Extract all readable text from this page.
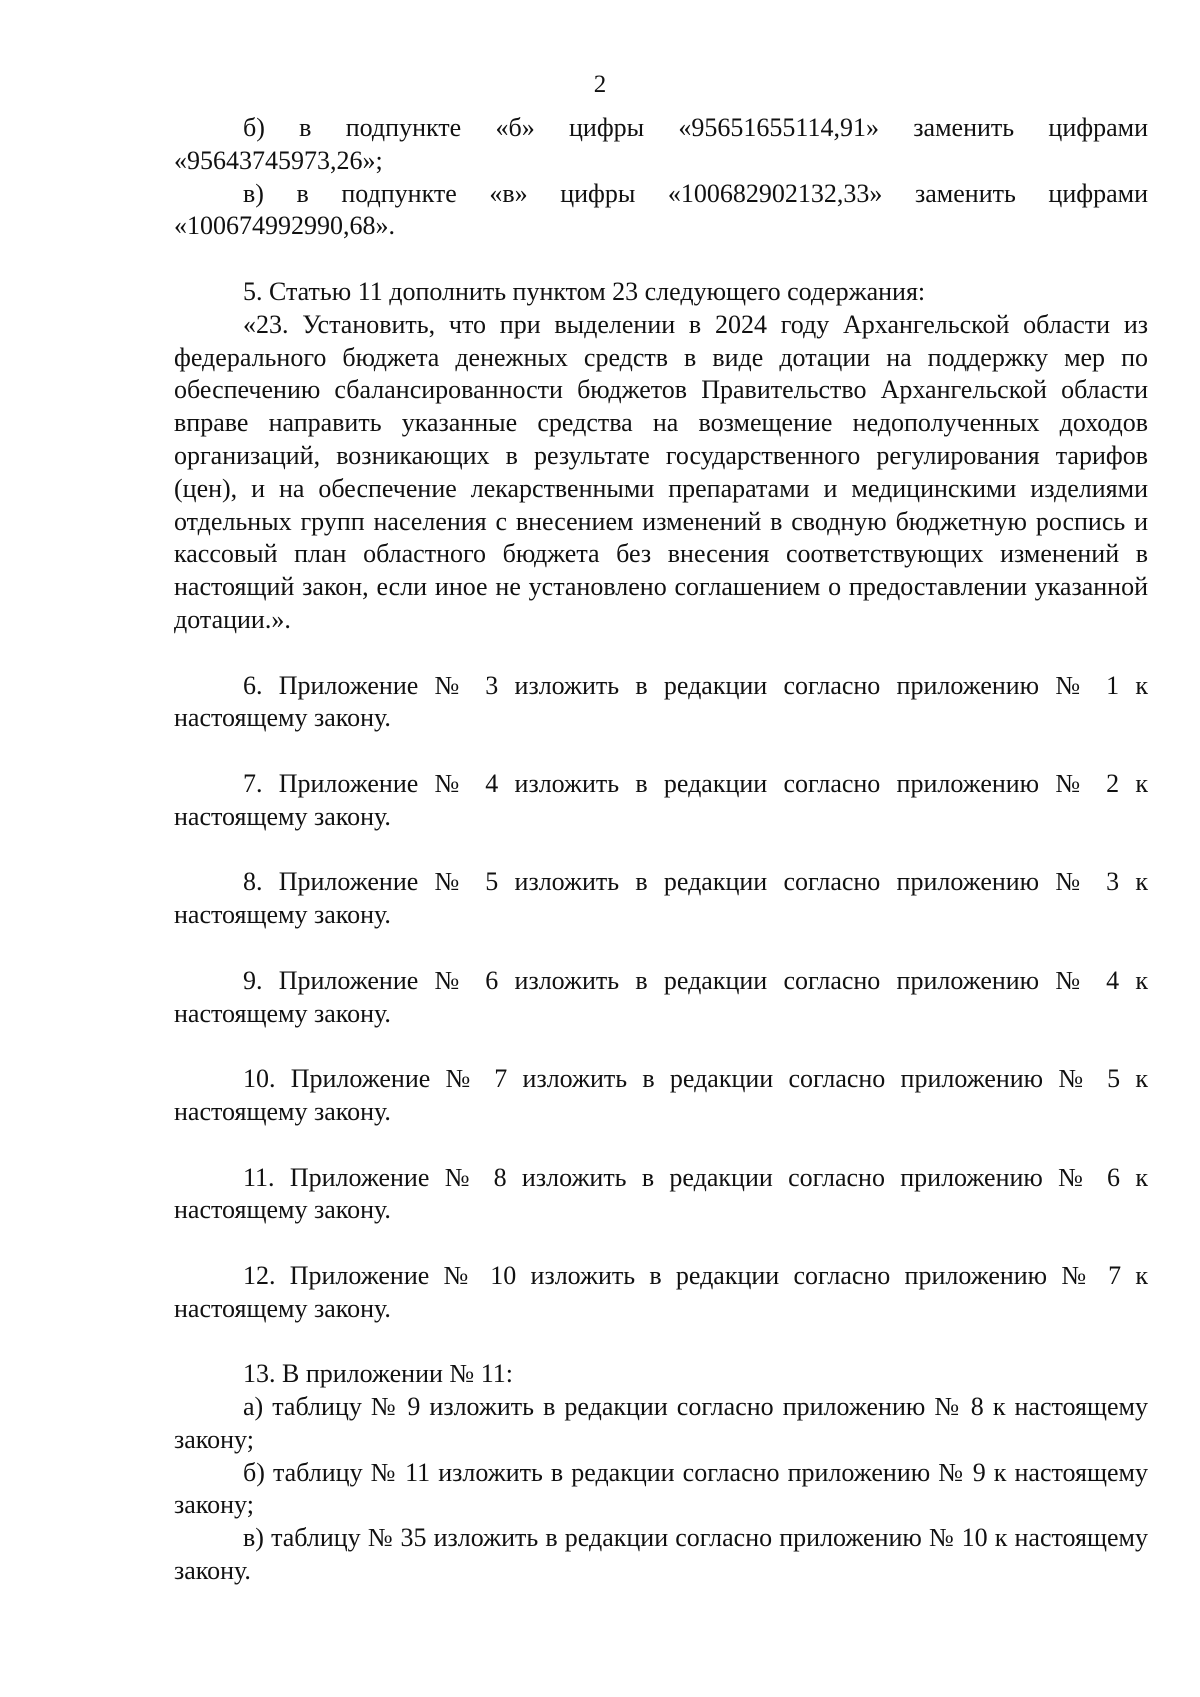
2

б) в подпункте «б» цифры «95651655114,91» заменить цифрами «95643745973,26»;

в) в подпункте «в» цифры «100682902132,33» заменить цифрами «100674992990,68».

5. Статью 11 дополнить пунктом 23 следующего содержания:

«23. Установить, что при выделении в 2024 году Архангельской области из федерального бюджета денежных средств в виде дотации на поддержку мер по обеспечению сбалансированности бюджетов Правительство Архангельской области вправе направить указанные средства на возмещение недополученных доходов организаций, возникающих в результате государственного регулирования тарифов (цен), и на обеспечение лекарственными препаратами и медицинскими изделиями отдельных групп населения с внесением изменений в сводную бюджетную роспись и кассовый план областного бюджета без внесения соответствующих изменений в настоящий закон, если иное не установлено соглашением о предоставлении указанной дотации.».

6. Приложение № 3 изложить в редакции согласно приложению № 1 к настоящему закону.

7. Приложение № 4 изложить в редакции согласно приложению № 2 к настоящему закону.

8. Приложение № 5 изложить в редакции согласно приложению № 3 к настоящему закону.

9. Приложение № 6 изложить в редакции согласно приложению № 4 к настоящему закону.

10. Приложение № 7 изложить в редакции согласно приложению № 5 к настоящему закону.

11. Приложение № 8 изложить в редакции согласно приложению № 6 к настоящему закону.

12. Приложение № 10 изложить в редакции согласно приложению № 7 к настоящему закону.

13. В приложении № 11:

а) таблицу № 9 изложить в редакции согласно приложению № 8 к настоящему закону;

б) таблицу № 11 изложить в редакции согласно приложению № 9 к настоящему закону;

в) таблицу № 35 изложить в редакции согласно приложению № 10 к настоящему закону.
